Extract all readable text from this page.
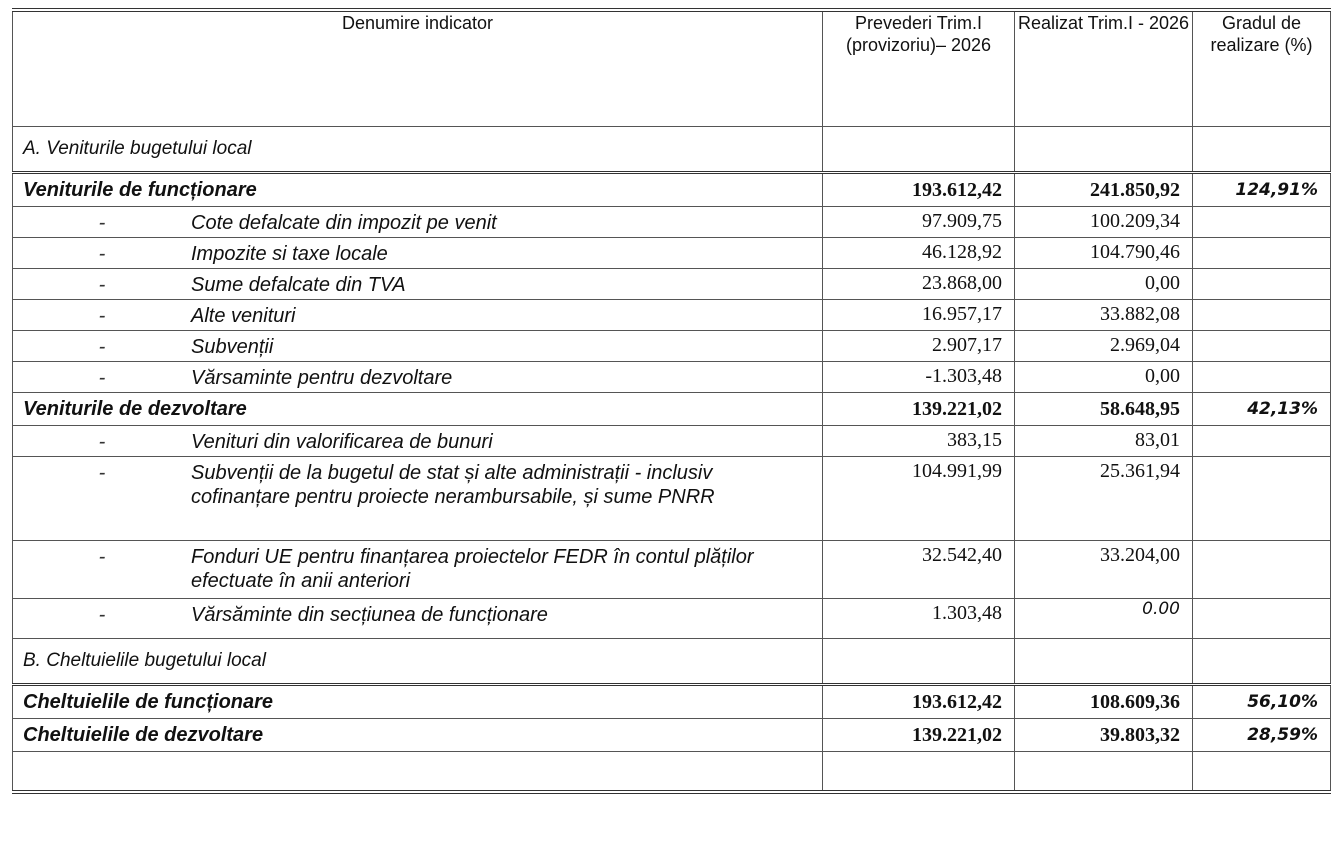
Denumire indicator	Prevederi Trim.I (provizoriu)– 2026	Realizat Trim.I - 2026	Gradul de realizare (%)
A. Veniturile bugetului local			
Veniturile de funcționare	193.612,42	241.850,92	124,91%

- Cote defalcate din impozit pe venit	97.909,75	100.209,34	

- Impozite si taxe locale	46.128,92	104.790,46	

- Sume defalcate din TVA	23.868,00	0,00	

- Alte venituri	16.957,17	33.882,08	

- Subvenții	2.907,17	2.969,04	

- Vărsaminte pentru dezvoltare	-1.303,48	0,00	
Veniturile de dezvoltare	139.221,02	58.648,95	42,13%

- Venituri din valorificarea de bunuri	383,15	83,01	

- Subvenții de la bugetul de stat și alte administrații - inclusiv cofinanțare pentru proiecte nerambursabile, și sume PNRR	104.991,99	25.361,94	

- Fonduri UE pentru finanțarea proiectelor FEDR în contul plăților efectuate în anii anteriori	32.542,40	33.204,00	

- Vărsăminte din secțiunea de funcționare	1.303,48	0.00	
B. Cheltuielile bugetului local			
Cheltuielile de funcționare	193.612,42	108.609,36	56,10%
Cheltuielile de dezvoltare	139.221,02	39.803,32	28,59%
